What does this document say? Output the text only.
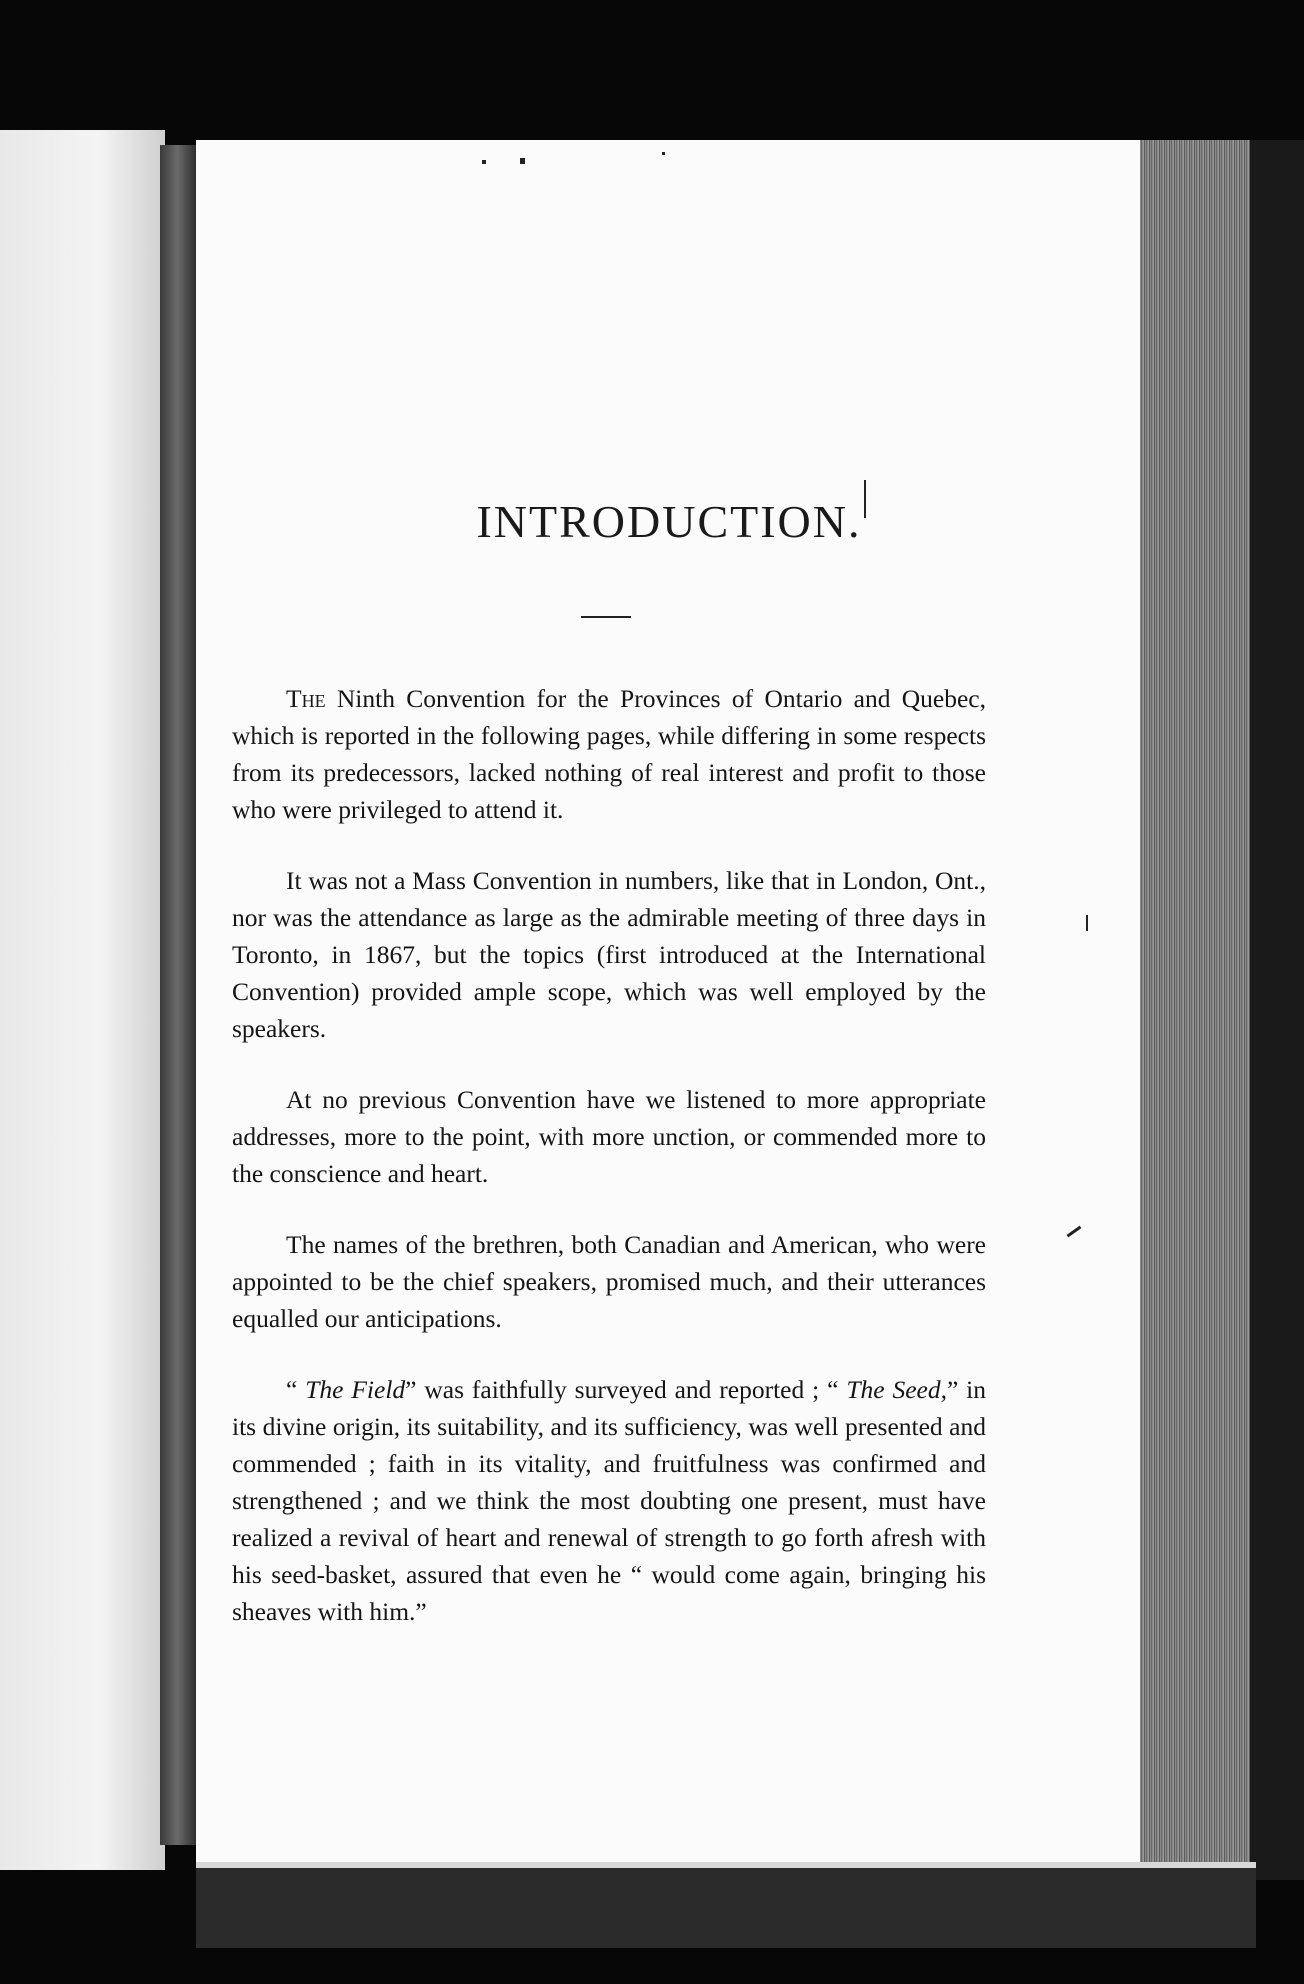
INTRODUCTION.

The Ninth Convention for the Provinces of Ontario and Quebec, which is reported in the following pages, while differing in some respects from its predecessors, lacked nothing of real interest and profit to those who were privileged to attend it.

It was not a Mass Convention in numbers, like that in London, Ont., nor was the attendance as large as the admirable meeting of three days in Toronto, in 1867, but the topics (first introduced at the International Convention) provided ample scope, which was well employed by the speakers.

At no previous Convention have we listened to more appropriate addresses, more to the point, with more unction, or commended more to the conscience and heart.

The names of the brethren, both Canadian and American, who were appointed to be the chief speakers, promised much, and their utterances equalled our anticipations.

“ The Field” was faithfully surveyed and reported ; “ The Seed,” in its divine origin, its suitability, and its sufficiency, was well presented and commended ; faith in its vitality, and fruitfulness was confirmed and strengthened ; and we think the most doubting one present, must have realized a revival of heart and renewal of strength to go forth afresh with his seed-basket, assured that even he “ would come again, bringing his sheaves with him.”
